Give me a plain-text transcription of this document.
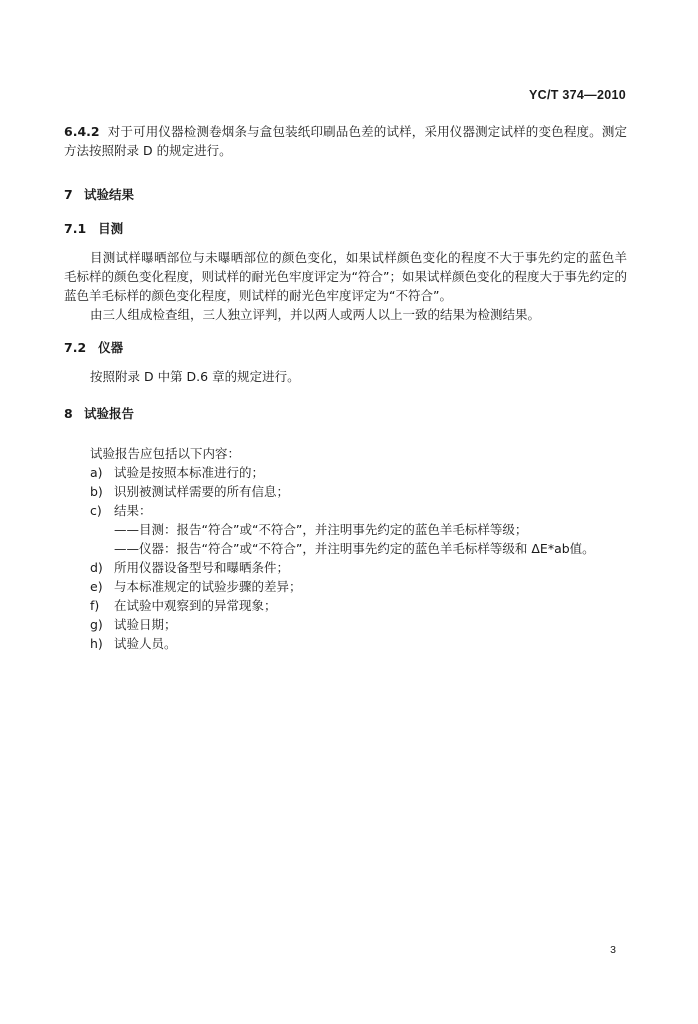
YC/T 374—2010

6.4.2 对于可用仪器检测卷烟条与盒包装纸印刷品色差的试样，采用仪器测定试样的变色程度。测定方法按照附录 D 的规定进行。

7 试验结果
7.1 目测

目测试样曝晒部位与未曝晒部位的颜色变化，如果试样颜色变化的程度不大于事先约定的蓝色羊毛标样的颜色变化程度，则试样的耐光色牢度评定为“符合”；如果试样颜色变化的程度大于事先约定的蓝色羊毛标样的颜色变化程度，则试样的耐光色牢度评定为“不符合”。

由三人组成检查组，三人独立评判，并以两人或两人以上一致的结果为检测结果。

7.2 仪器

按照附录 D 中第 D.6 章的规定进行。

8 试验报告

试验报告应包括以下内容：

a) 试验是按照本标准进行的；
b) 识别被测试样需要的所有信息；
c) 结果：
——目测：报告“符合”或“不符合”，并注明事先约定的蓝色羊毛标样等级；
——仪器：报告“符合”或“不符合”，并注明事先约定的蓝色羊毛标样等级和 ΔE*ab值。
d) 所用仪器设备型号和曝晒条件；
e) 与本标准规定的试验步骤的差异；
f) 在试验中观察到的异常现象；
g) 试验日期；
h) 试验人员。
3
